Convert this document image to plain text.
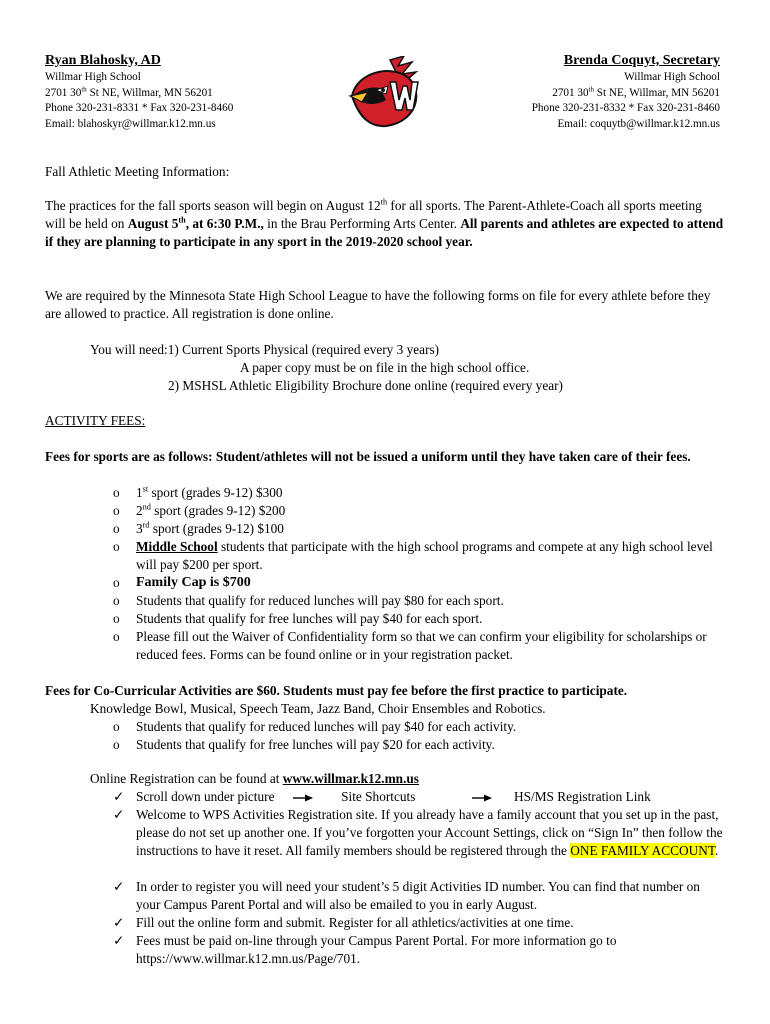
Ryan Blahosky, AD
Willmar High School
2701 30th St NE, Willmar, MN 56201
Phone 320-231-8331 * Fax 320-231-8460
Email: blahoskyr@willmar.k12.mn.us
Brenda Coquyt, Secretary
Willmar High School
2701 30th St NE, Willmar, MN 56201
Phone 320-231-8332 * Fax 320-231-8460
Email: coquytb@willmar.k12.mn.us
Fall Athletic Meeting Information:
The practices for the fall sports season will begin on August 12th for all sports. The Parent-Athlete-Coach all sports meeting will be held on August 5th, at 6:30 P.M., in the Brau Performing Arts Center. All parents and athletes are expected to attend if they are planning to participate in any sport in the 2019-2020 school year.
We are required by the Minnesota State High School League to have the following forms on file for every athlete before they are allowed to practice. All registration is done online.
You will need:1) Current Sports Physical (required every 3 years)
A paper copy must be on file in the high school office.
2) MSHSL Athletic Eligibility Brochure done online (required every year)
ACTIVITY FEES:
Fees for sports are as follows: Student/athletes will not be issued a uniform until they have taken care of their fees.
o	1st sport (grades 9-12) $300
o	2nd sport (grades 9-12) $200
o	3rd sport (grades 9-12) $100
o	Middle School students that participate with the high school programs and compete at any high school level will pay $200 per sport.
o	Family Cap is $700
o	Students that qualify for reduced lunches will pay $80 for each sport.
o	Students that qualify for free lunches will pay $40 for each sport.
o	Please fill out the Waiver of Confidentiality form so that we can confirm your eligibility for scholarships or reduced fees. Forms can be found online or in your registration packet.
Fees for Co-Curricular Activities are $60. Students must pay fee before the first practice to participate.
Knowledge Bowl, Musical, Speech Team, Jazz Band, Choir Ensembles and Robotics.
o	Students that qualify for reduced lunches will pay $40 for each activity.
o	Students that qualify for free lunches will pay $20 for each activity.
Online Registration can be found at www.willmar.k12.mn.us
✓ Scroll down under picture	Site Shortcuts	HS/MS Registration Link
✓ Welcome to WPS Activities Registration site. If you already have a family account that you set up in the past, please do not set up another one. If you’ve forgotten your Account Settings, click on “Sign In” then follow the instructions to have it reset. All family members should be registered through the ONE FAMILY ACCOUNT.
✓ In order to register you will need your student’s 5 digit Activities ID number. You can find that number on your Campus Parent Portal and will also be emailed to you in early August.
✓ Fill out the online form and submit. Register for all athletics/activities at one time.
✓ Fees must be paid on-line through your Campus Parent Portal. For more information go to https://www.willmar.k12.mn.us/Page/701.
